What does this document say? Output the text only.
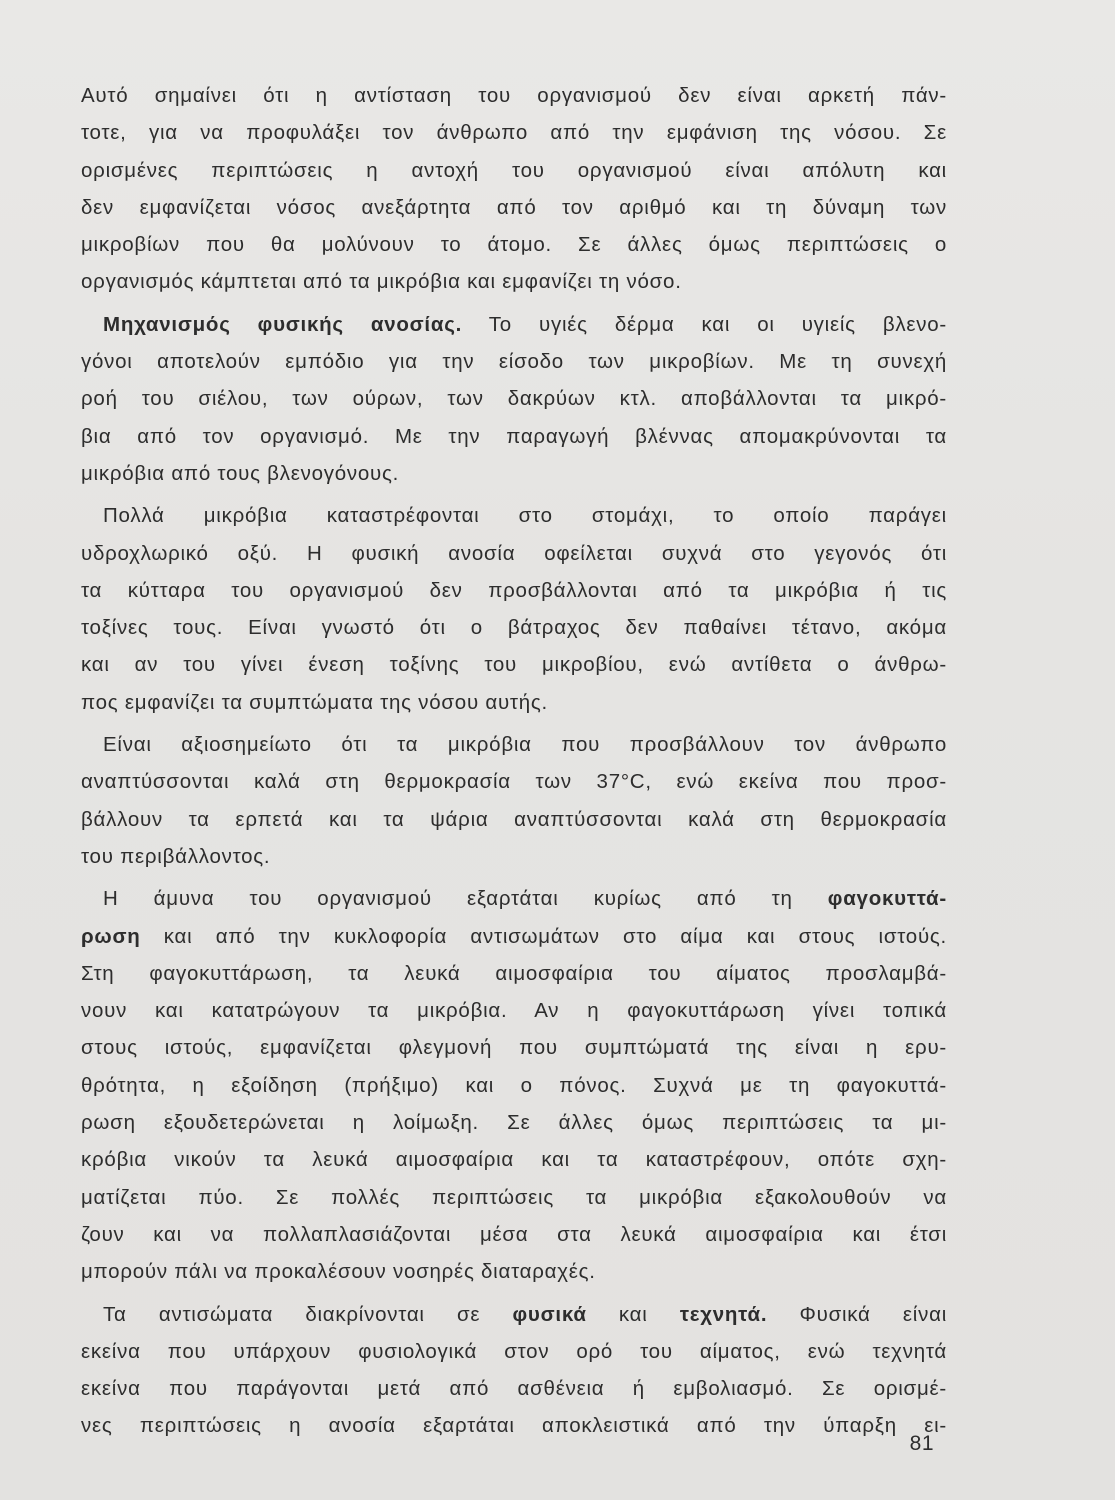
Αυτό σημαίνει ότι η αντίσταση του οργανισμού δεν είναι αρκετή πάν-
τοτε, για να προφυλάξει τον άνθρωπο από την εμφάνιση της νόσου. Σε
ορισμένες περιπτώσεις η αντοχή του οργανισμού είναι απόλυτη και
δεν εμφανίζεται νόσος ανεξάρτητα από τον αριθμό και τη δύναμη των
μικροβίων που θα μολύνουν το άτομο. Σε άλλες όμως περιπτώσεις ο
οργανισμός κάμπτεται από τα μικρόβια και εμφανίζει τη νόσο.
Μηχανισμός φυσικής ανοσίας. Το υγιές δέρμα και οι υγιείς βλενο-
γόνοι αποτελούν εμπόδιο για την είσοδο των μικροβίων. Με τη συνεχή
ροή του σιέλου, των ούρων, των δακρύων κτλ. αποβάλλονται τα μικρό-
βια από τον οργανισμό. Με την παραγωγή βλέννας απομακρύνονται τα
μικρόβια από τους βλενογόνους.
Πολλά μικρόβια καταστρέφονται στο στομάχι, το οποίο παράγει
υδροχλωρικό οξύ. Η φυσική ανοσία οφείλεται συχνά στο γεγονός ότι
τα κύτταρα του οργανισμού δεν προσβάλλονται από τα μικρόβια ή τις
τοξίνες τους. Είναι γνωστό ότι ο βάτραχος δεν παθαίνει τέτανο, ακόμα
και αν του γίνει ένεση τοξίνης του μικροβίου, ενώ αντίθετα ο άνθρω-
πος εμφανίζει τα συμπτώματα της νόσου αυτής.
Είναι αξιοσημείωτο ότι τα μικρόβια που προσβάλλουν τον άνθρωπο
αναπτύσσονται καλά στη θερμοκρασία των 37°C, ενώ εκείνα που προσ-
βάλλουν τα ερπετά και τα ψάρια αναπτύσσονται καλά στη θερμοκρασία
του περιβάλλοντος.
Η άμυνα του οργανισμού εξαρτάται κυρίως από τη φαγοκυττά-
ρωση και από την κυκλοφορία αντισωμάτων στο αίμα και στους ιστούς.
Στη φαγοκυττάρωση, τα λευκά αιμοσφαίρια του αίματος προσλαμβά-
νουν και κατατρώγουν τα μικρόβια. Αν η φαγοκυττάρωση γίνει τοπικά
στους ιστούς, εμφανίζεται φλεγμονή που συμπτώματά της είναι η ερυ-
θρότητα, η εξοίδηση (πρήξιμο) και ο πόνος. Συχνά με τη φαγοκυττά-
ρωση εξουδετερώνεται η λοίμωξη. Σε άλλες όμως περιπτώσεις τα μι-
κρόβια νικούν τα λευκά αιμοσφαίρια και τα καταστρέφουν, οπότε σχη-
ματίζεται πύο. Σε πολλές περιπτώσεις τα μικρόβια εξακολουθούν να
ζουν και να πολλαπλασιάζονται μέσα στα λευκά αιμοσφαίρια και έτσι
μπορούν πάλι να προκαλέσουν νοσηρές διαταραχές.
Τα αντισώματα διακρίνονται σε φυσικά και τεχνητά. Φυσικά είναι
εκείνα που υπάρχουν φυσιολογικά στον ορό του αίματος, ενώ τεχνητά
εκείνα που παράγονται μετά από ασθένεια ή εμβολιασμό. Σε ορισμέ-
νες περιπτώσεις η ανοσία εξαρτάται αποκλειστικά από την ύπαρξη ει-
81
